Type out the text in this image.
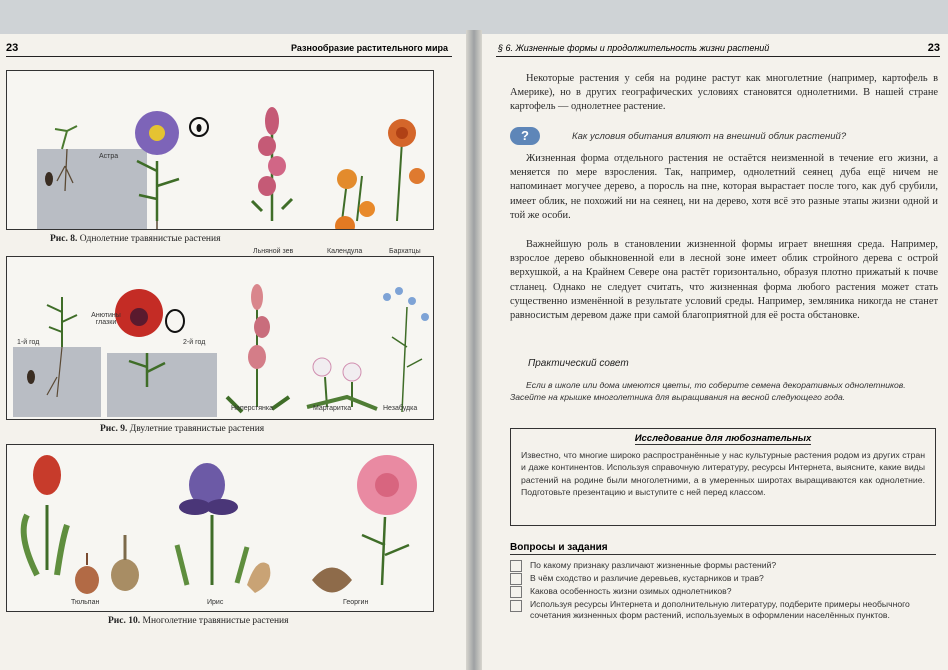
23	Разнообразие растительного мира
Астра
Льняной зев	Календула	Бархатцы
Рис. 8. Однолетние травянистые растения
Анютины глазки
1-й год	2-й год
Наперстянка	Маргаритка	Незабудка
Рис. 9. Двулетние травянистые растения
Тюльпан	Ирис	Георгин
Рис. 10. Многолетние травянистые растения
§ 6. Жизненные формы и продолжительность жизни растений	23
Некоторые растения у себя на родине растут как многолетние (например, картофель в Америке), но в других географических условиях становятся однолетними. В нашей стране картофель — однолетнее растение.
?	Как условия обитания влияют на внешний облик растений?
Жизненная форма отдельного растения не остаётся неизменной в течение его жизни, а меняется по мере взросления. Так, например, однолетний сеянец дуба ещё ничем не напоминает могучее дерево, а поросль на пне, которая вырастает после того, как дуб срубили, имеет облик, не похожий ни на сеянец, ни на дерево, хотя всё это разные этапы жизни одной и той же особи.
Важнейшую роль в становлении жизненной формы играет внешняя среда. Например, взрослое дерево обыкновенной ели в лесной зоне имеет облик стройного дерева с острой верхушкой, а на Крайнем Севере она растёт горизонтально, образуя плотно прижатый к почве стланец. Однако не следует считать, что жизненная форма любого растения может стать существенно изменённой в результате условий среды. Например, земляника никогда не станет равносистым деревом даже при самой благоприятной для её роста обстановке.
Практический совет
Если в школе или дома имеются цветы, то соберите семена декоративных однолетников. Засейте на крышке многолетника для выращивания на весной следующего года.
Исследование для любознательных
Известно, что многие широко распространённые у нас культурные растения родом из других стран и даже континентов. Используя справочную литературу, ресурсы Интернета, выясните, какие виды растений на родине были многолетними, а в умеренных широтах выращиваются как однолетние. Подготовьте презентацию и выступите с ней перед классом.
Вопросы и задания
По какому признаку различают жизненные формы растений?
В чём сходство и различие деревьев, кустарников и трав?
Какова особенность жизни озимых однолетников?
Используя ресурсы Интернета и дополнительную литературу, подберите примеры необычного сочетания жизненных форм растений, используемых в оформлении населённых пунктов.
